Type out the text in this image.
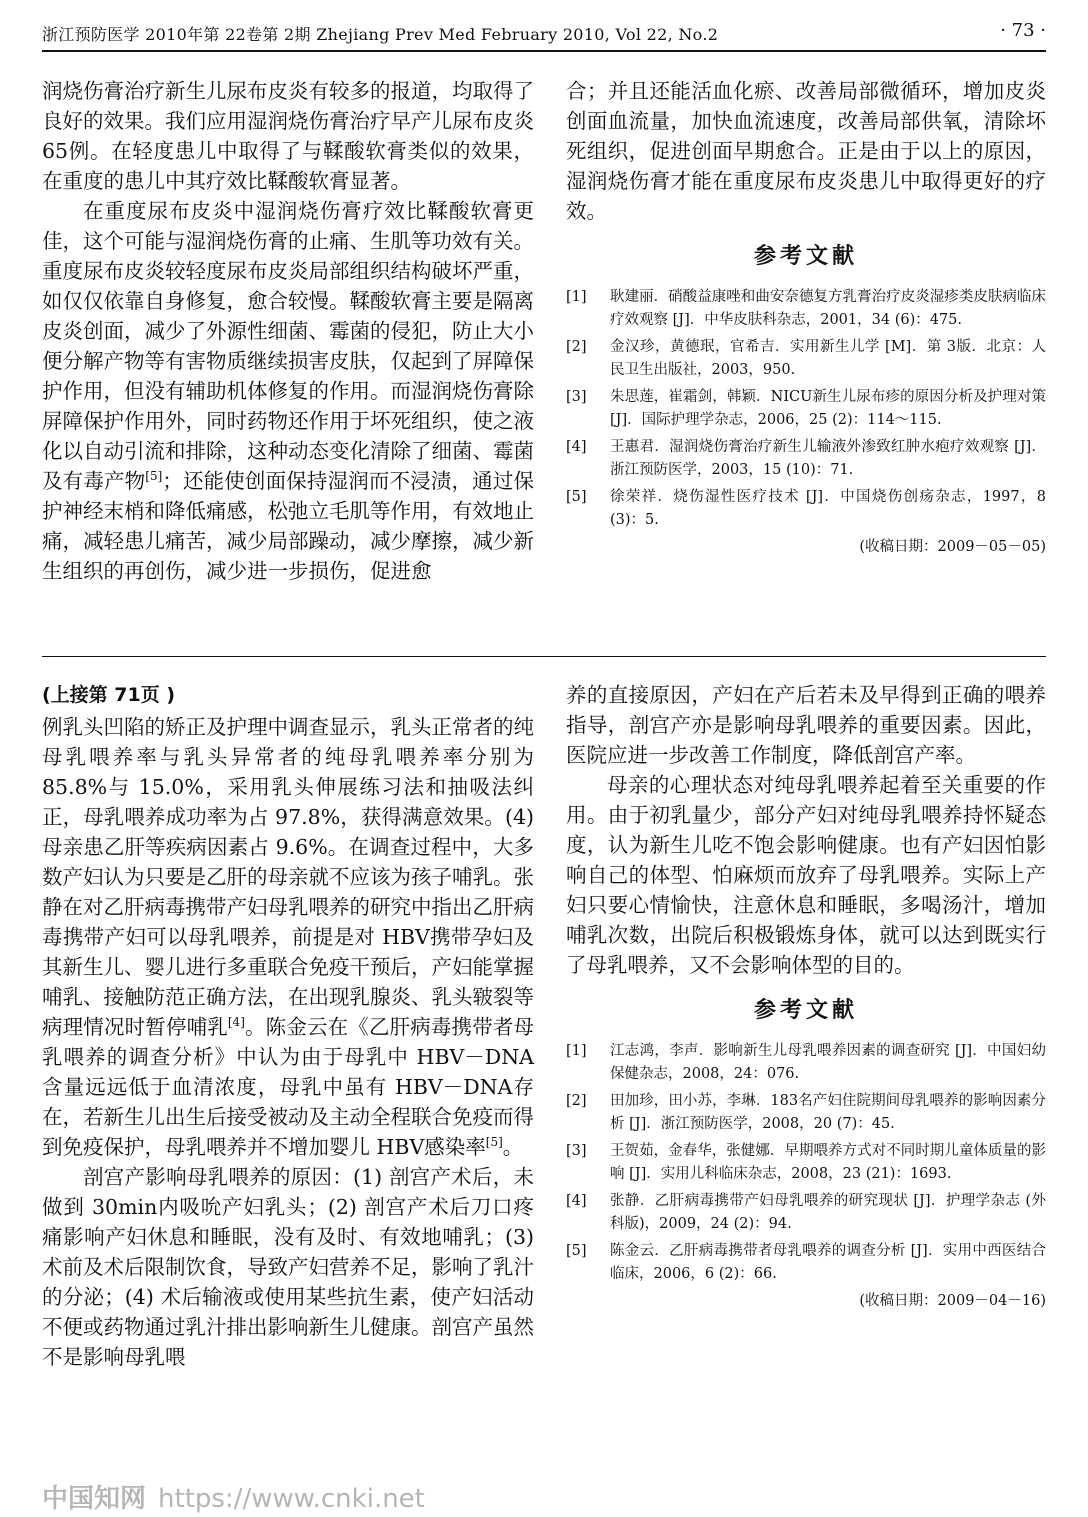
浙江预防医学 2010年第 22卷第 2期 Zhejiang Prev Med February 2010, Vol 22, No.2	· 73 ·

润烧伤膏治疗新生儿尿布皮炎有较多的报道，均取得了良好的效果。我们应用湿润烧伤膏治疗早产儿尿布皮炎 65例。在轻度患儿中取得了与鞣酸软膏类似的效果，在重度的患儿中其疗效比鞣酸软膏显著。

在重度尿布皮炎中湿润烧伤膏疗效比鞣酸软膏更佳，这个可能与湿润烧伤膏的止痛、生肌等功效有关。重度尿布皮炎较轻度尿布皮炎局部组织结构破坏严重，如仅仅依靠自身修复，愈合较慢。鞣酸软膏主要是隔离皮炎创面，减少了外源性细菌、霉菌的侵犯，防止大小便分解产物等有害物质继续损害皮肤，仅起到了屏障保护作用，但没有辅助机体修复的作用。而湿润烧伤膏除屏障保护作用外，同时药物还作用于坏死组织，使之液化以自动引流和排除，这种动态变化清除了细菌、霉菌及有毒产物[5]；还能使创面保持湿润而不浸渍，通过保护神经末梢和降低痛感，松弛立毛肌等作用，有效地止痛，减轻患儿痛苦，减少局部躁动，减少摩擦，减少新生组织的再创伤，减少进一步损伤，促进愈

合；并且还能活血化瘀、改善局部微循环，增加皮炎创面血流量，加快血流速度，改善局部供氧，清除坏死组织，促进创面早期愈合。正是由于以上的原因，湿润烧伤膏才能在重度尿布皮炎患儿中取得更好的疗效。

参考文献
[1]	耿建丽．硝酸益康唑和曲安奈德复方乳膏治疗皮炎湿疹类皮肤病临床疗效观察 [J]．中华皮肤科杂志，2001，34 (6)：475.
[2]	金汉珍，黄德珉，官希吉．实用新生儿学 [M]．第 3版．北京：人民卫生出版社，2003，950.
[3]	朱思莲，崔霜剑，韩颖．NICU新生儿尿布疹的原因分析及护理对策 [J]．国际护理学杂志，2006，25 (2)：114～115.
[4]	王惠君．湿润烧伤膏治疗新生儿输液外渗致红肿水疱疗效观察 [J]．浙江预防医学，2003，15 (10)：71.
[5]	徐荣祥．烧伤湿性医疗技术 [J]．中国烧伤创疡杂志，1997，8 (3)：5.
(收稿日期：2009－05－05)
(上接第 71页 )

例乳头凹陷的矫正及护理中调查显示，乳头正常者的纯母乳喂养率与乳头异常者的纯母乳喂养率分别为 85.8%与 15.0%，采用乳头伸展练习法和抽吸法纠正，母乳喂养成功率为占 97.8%，获得满意效果。(4) 母亲患乙肝等疾病因素占 9.6%。在调查过程中，大多数产妇认为只要是乙肝的母亲就不应该为孩子哺乳。张静在对乙肝病毒携带产妇母乳喂养的研究中指出乙肝病毒携带产妇可以母乳喂养，前提是对 HBV携带孕妇及其新生儿、婴儿进行多重联合免疫干预后，产妇能掌握哺乳、接触防范正确方法，在出现乳腺炎、乳头皲裂等病理情况时暂停哺乳[4]。陈金云在《乙肝病毒携带者母乳喂养的调查分析》中认为由于母乳中 HBV－DNA含量远远低于血清浓度，母乳中虽有 HBV－DNA存在，若新生儿出生后接受被动及主动全程联合免疫而得到免疫保护，母乳喂养并不增加婴儿 HBV感染率[5]。

剖宫产影响母乳喂养的原因：(1) 剖宫产术后，未做到 30min内吸吮产妇乳头；(2) 剖宫产术后刀口疼痛影响产妇休息和睡眠，没有及时、有效地哺乳；(3) 术前及术后限制饮食，导致产妇营养不足，影响了乳汁的分泌；(4) 术后输液或使用某些抗生素，使产妇活动不便或药物通过乳汁排出影响新生儿健康。剖宫产虽然不是影响母乳喂

养的直接原因，产妇在产后若未及早得到正确的喂养指导，剖宫产亦是影响母乳喂养的重要因素。因此，医院应进一步改善工作制度，降低剖宫产率。

母亲的心理状态对纯母乳喂养起着至关重要的作用。由于初乳量少，部分产妇对纯母乳喂养持怀疑态度，认为新生儿吃不饱会影响健康。也有产妇因怕影响自己的体型、怕麻烦而放弃了母乳喂养。实际上产妇只要心情愉快，注意休息和睡眠，多喝汤汁，增加哺乳次数，出院后积极锻炼身体，就可以达到既实行了母乳喂养，又不会影响体型的目的。

参考文献
[1]	江志鸿，李声．影响新生儿母乳喂养因素的调查研究 [J]．中国妇幼保健杂志，2008，24：076.
[2]	田加珍，田小苏，李琳．183名产妇住院期间母乳喂养的影响因素分析 [J]．浙江预防医学，2008，20 (7)：45.
[3]	王贺茹，金春华，张健娜．早期喂养方式对不同时期儿童体质量的影响 [J]．实用儿科临床杂志，2008，23 (21)：1693.
[4]	张静．乙肝病毒携带产妇母乳喂养的研究现状 [J]．护理学杂志 (外科版)，2009，24 (2)：94.
[5]	陈金云．乙肝病毒携带者母乳喂养的调查分析 [J]．实用中西医结合临床，2006，6 (2)：66.
(收稿日期：2009－04－16)
中国知网 https://www.cnki.net
